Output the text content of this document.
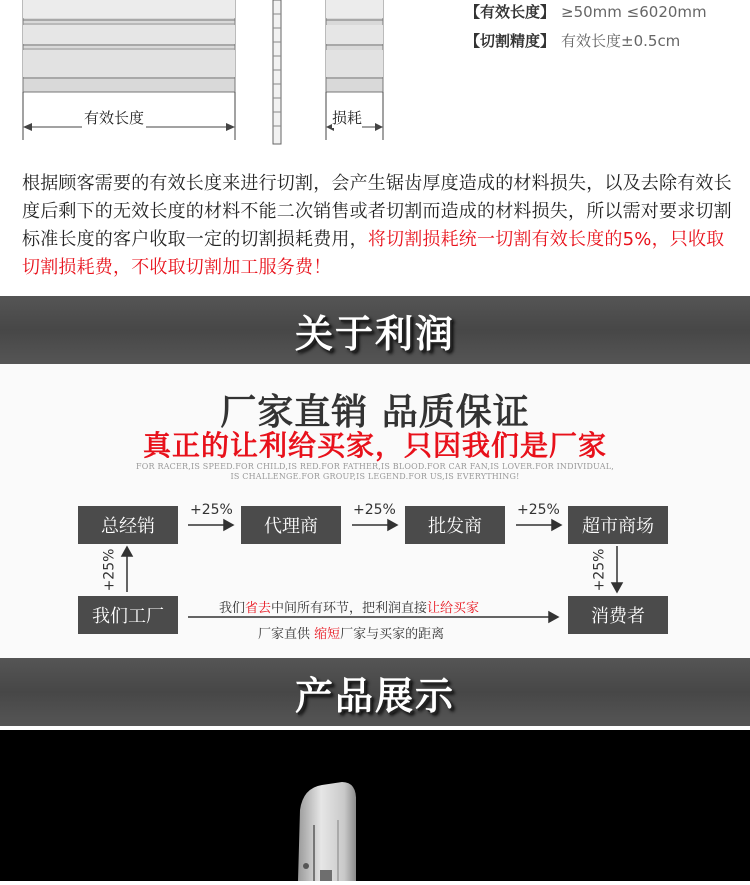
有效长度	损耗
【有效长度】 ≥50mm ≤6020mm
【切割精度】 有效长度±0.5cm
根据顾客需要的有效长度来进行切割，会产生锯齿厚度造成的材料损失，以及去除有效长度后剩下的无效长度的材料不能二次销售或者切割而造成的材料损失，所以需对要求切割标准长度的客户收取一定的切割损耗费用，将切割损耗统一切割有效长度的5%，只收取切割损耗费，不收取切割加工服务费！
关于利润
厂家直销 品质保证
真正的让利给买家，只因我们是厂家
FOR RACER,IS SPEED.FOR CHILD,IS RED.FOR FATHER,IS BLOOD.FOR CAR FAN,IS LOVER.FOR INDIVIDUAL,
IS CHALLENGE.FOR GROUP,IS LEGEND.FOR US,IS EVERYTHING!
总经销	代理商	批发商	超市商场
我们工厂	消费者
+25%	+25%	+25%
+25%	+25%
我们省去中间所有环节，把利润直接让给买家
厂家直供 缩短厂家与买家的距离
产品展示
